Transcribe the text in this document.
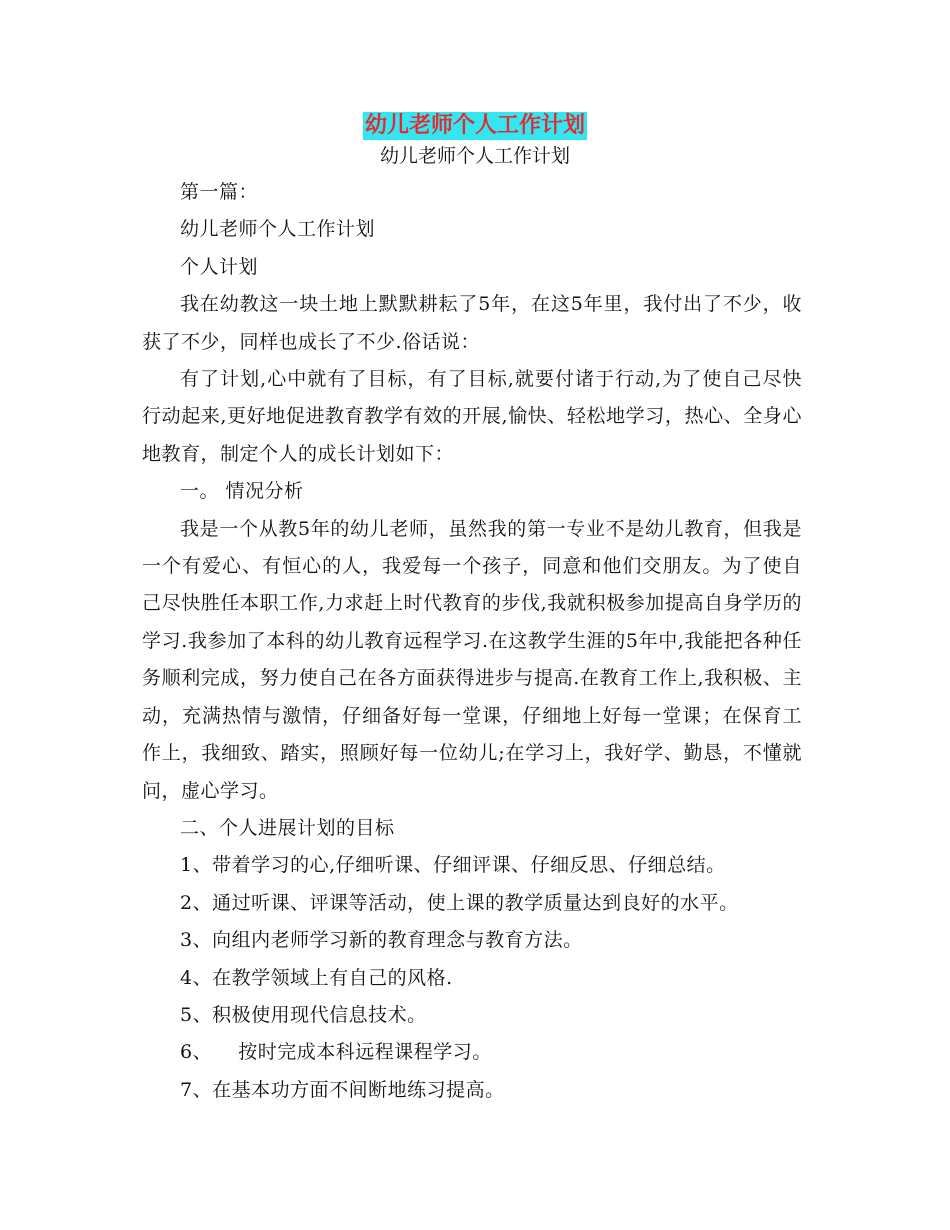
幼儿老师个人工作计划
幼儿老师个人工作计划

第一篇：

幼儿老师个人工作计划

个人计划

我在幼教这一块土地上默默耕耘了5年，在这5年里，我付出了不少，收获了不少，同样也成长了不少.俗话说：

有了计划,心中就有了目标，有了目标,就要付诸于行动,为了使自己尽快行动起来,更好地促进教育教学有效的开展,愉快、轻松地学习，热心、全身心地教育，制定个人的成长计划如下：

一。 情况分析

我是一个从教5年的幼儿老师，虽然我的第一专业不是幼儿教育，但我是一个有爱心、有恒心的人，我爱每一个孩子，同意和他们交朋友。为了使自己尽快胜任本职工作,力求赶上时代教育的步伐,我就积极参加提高自身学历的学习.我参加了本科的幼儿教育远程学习.在这教学生涯的5年中,我能把各种任务顺利完成，努力使自己在各方面获得进步与提高.在教育工作上,我积极、主动，充满热情与激情，仔细备好每一堂课，仔细地上好每一堂课；在保育工作上，我细致、踏实，照顾好每一位幼儿;在学习上，我好学、勤恳，不懂就问，虚心学习。

二、个人进展计划的目标

1、带着学习的心,仔细听课、仔细评课、仔细反思、仔细总结。

2、通过听课、评课等活动，使上课的教学质量达到良好的水平。

3、向组内老师学习新的教育理念与教育方法。

4、在教学领域上有自己的风格.

5、积极使用现代信息技术。

6、    按时完成本科远程课程学习。

7、在基本功方面不间断地练习提高。
